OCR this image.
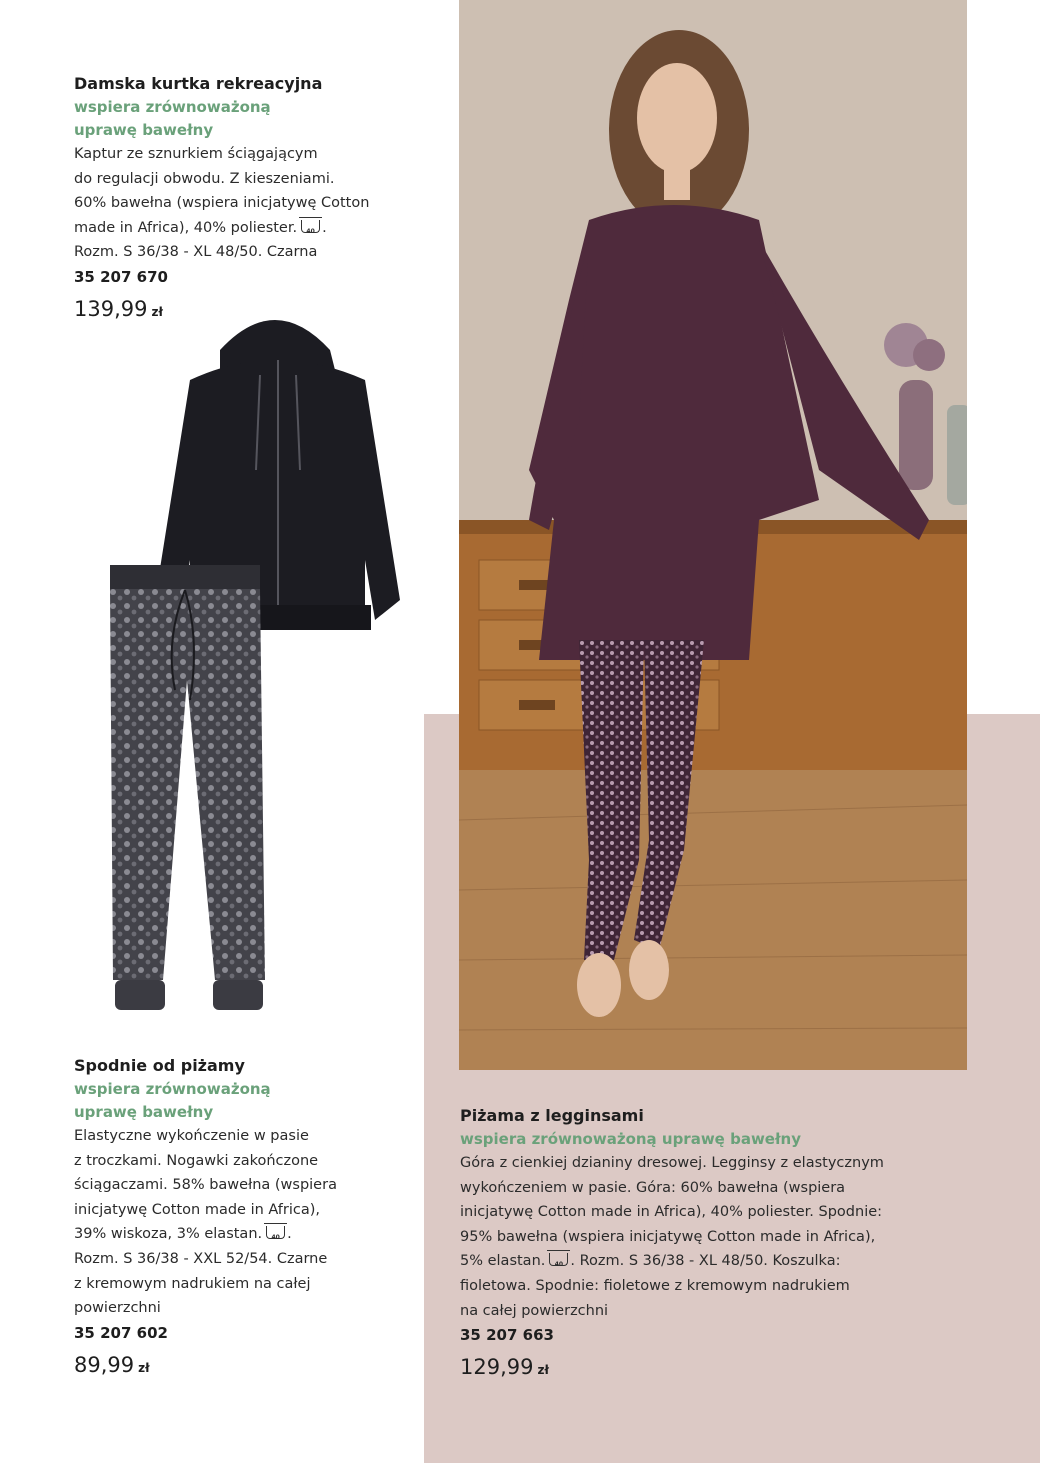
Damska kurtka rekreacyjna
wspiera zrównoważoną
uprawę bawełny
Kaptur ze sznurkiem ściągającym
do regulacji obwodu. Z kieszeniami.
60% bawełna (wspiera inicjatywę Cotton
made in Africa), 40% poliester. 40 .
Rozm. S 36/38 - XL 48/50. Czarna
35 207 670
139,99 zł
Spodnie od piżamy
wspiera zrównoważoną
uprawę bawełny
Elastyczne wykończenie w pasie
z troczkami. Nogawki zakończone
ściągaczami. 58% bawełna (wspiera
inicjatywę Cotton made in Africa),
39% wiskoza, 3% elastan. 40 .
Rozm. S 36/38 - XXL 52/54. Czarne
z kremowym nadrukiem na całej
powierzchni
35 207 602
89,99 zł
Piżama z legginsami
wspiera zrównoważoną uprawę bawełny
Góra z cienkiej dzianiny dresowej. Legginsy z elastycznym
wykończeniem w pasie. Góra: 60% bawełna (wspiera
inicjatywę Cotton made in Africa), 40% poliester. Spodnie:
95% bawełna (wspiera inicjatywę Cotton made in Africa),
5% elastan. 40 . Rozm. S 36/38 - XL 48/50. Koszulka:
fioletowa. Spodnie: fioletowe z kremowym nadrukiem
na całej powierzchni
35 207 663
129,99 zł
